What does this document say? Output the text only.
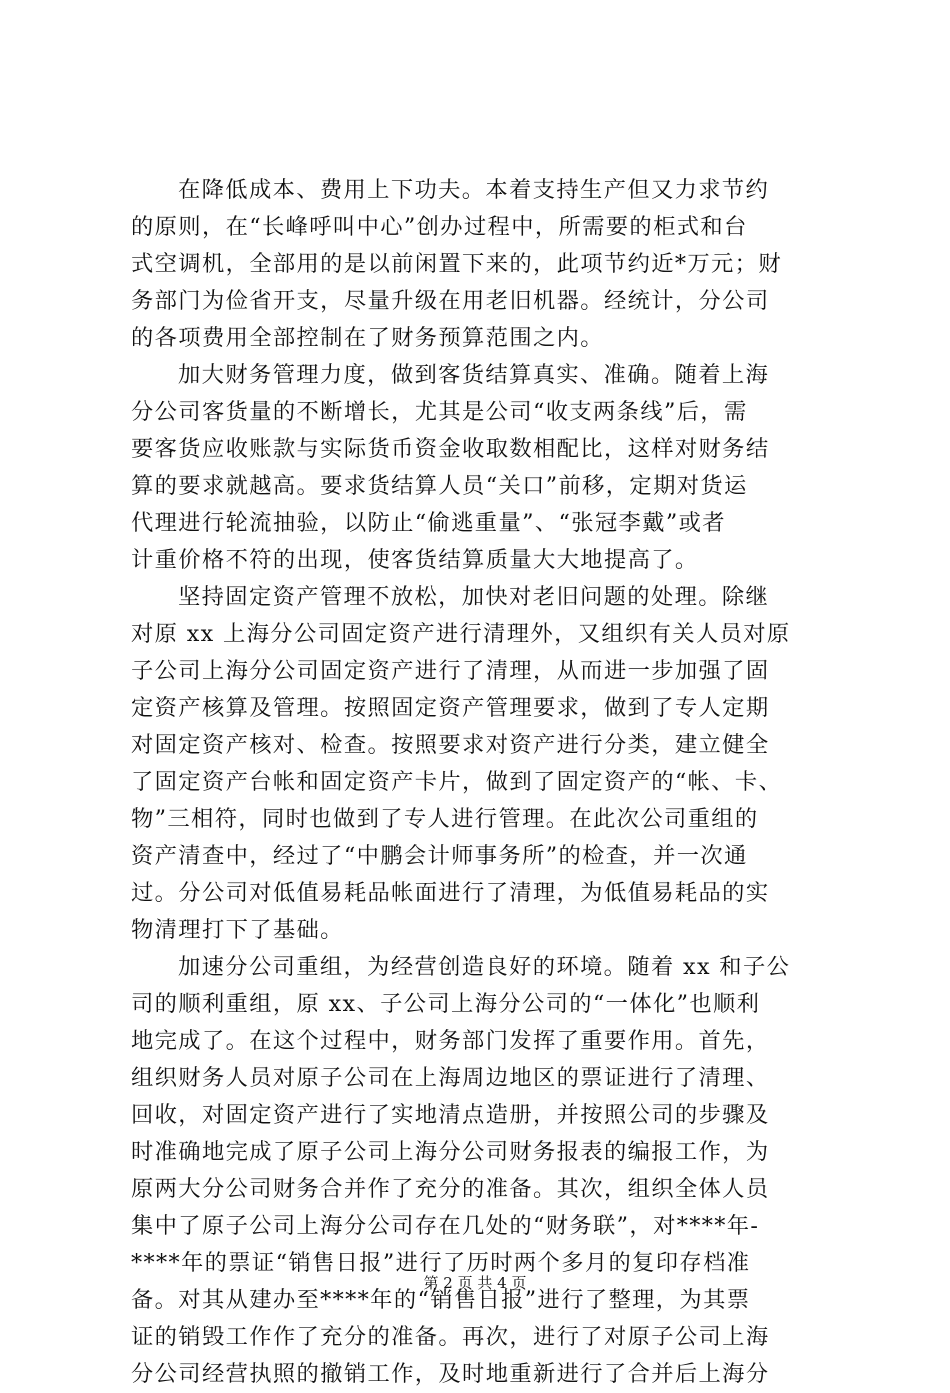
在降低成本、费用上下功夫。本着支持生产但又力求节约
的原则，在“长峰呼叫中心”创办过程中，所需要的柜式和台
式空调机，全部用的是以前闲置下来的，此项节约近*万元；财
务部门为俭省开支，尽量升级在用老旧机器。经统计，分公司
的各项费用全部控制在了财务预算范围之内。
加大财务管理力度，做到客货结算真实、准确。随着上海
分公司客货量的不断增长，尤其是公司“收支两条线”后，需
要客货应收账款与实际货币资金收取数相配比，这样对财务结
算的要求就越高。要求货结算人员“关口”前移，定期对货运
代理进行轮流抽验，以防止“偷逃重量”、“张冠李戴”或者
计重价格不符的出现，使客货结算质量大大地提高了。
坚持固定资产管理不放松，加快对老旧问题的处理。除继
对原 xx 上海分公司固定资产进行清理外，又组织有关人员对原
子公司上海分公司固定资产进行了清理，从而进一步加强了固
定资产核算及管理。按照固定资产管理要求，做到了专人定期
对固定资产核对、检查。按照要求对资产进行分类，建立健全
了固定资产台帐和固定资产卡片，做到了固定资产的“帐、卡、
物”三相符，同时也做到了专人进行管理。在此次公司重组的
资产清查中，经过了“中鹏会计师事务所”的检查，并一次通
过。分公司对低值易耗品帐面进行了清理，为低值易耗品的实
物清理打下了基础。
加速分公司重组，为经营创造良好的环境。随着 xx 和子公
司的顺利重组，原 xx、子公司上海分公司的“一体化”也顺利
地完成了。在这个过程中，财务部门发挥了重要作用。首先，
组织财务人员对原子公司在上海周边地区的票证进行了清理、
回收，对固定资产进行了实地清点造册，并按照公司的步骤及
时准确地完成了原子公司上海分公司财务报表的编报工作，为
原两大分公司财务合并作了充分的准备。其次，组织全体人员
集中了原子公司上海分公司存在几处的“财务联”，对****年-
****年的票证“销售日报”进行了历时两个多月的复印存档准
备。对其从建办至****年的“销售日报”进行了整理，为其票
证的销毁工作作了充分的准备。再次，进行了对原子公司上海
分公司经营执照的撤销工作，及时地重新进行了合并后上海分
第 2 页 共 4 页
